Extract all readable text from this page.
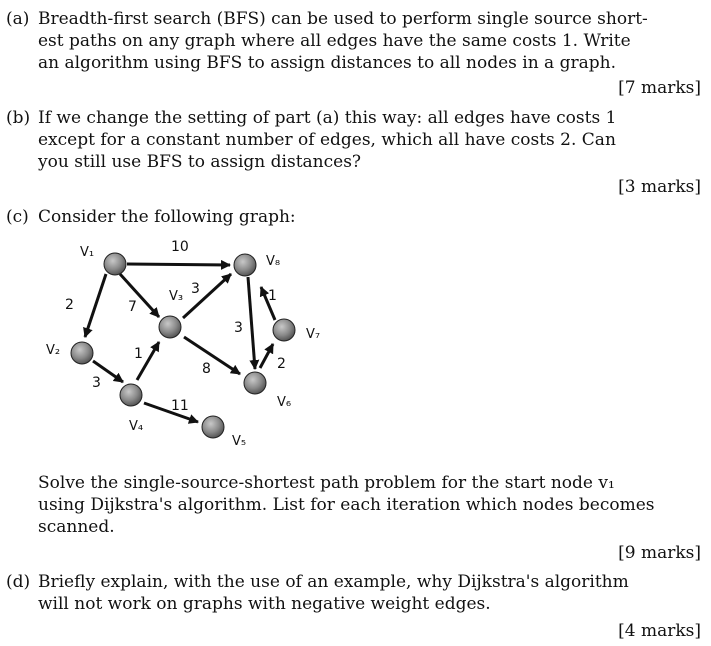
(a) Breadth-first search (BFS) can be used to perform single source short-
est paths on any graph where all edges have the same costs 1. Write
an algorithm using BFS to assign distances to all nodes in a graph.
[7 marks]
(b) If we change the setting of part (a) this way: all edges have costs 1
except for a constant number of edges, which all have costs 2. Can
you still use BFS to assign distances?
[3 marks]
(c) Consider the following graph:
V₁
V₂
V₃
V₄
V₅
V₆
V₇
V₈
10
2	7
3
3
1
8
11
3
1
2
Solve the single-source-shortest path problem for the start node v₁
using Dijkstra's algorithm. List for each iteration which nodes becomes
scanned.
[9 marks]
(d) Briefly explain, with the use of an example, why Dijkstra's algorithm
will not work on graphs with negative weight edges.
[4 marks]
